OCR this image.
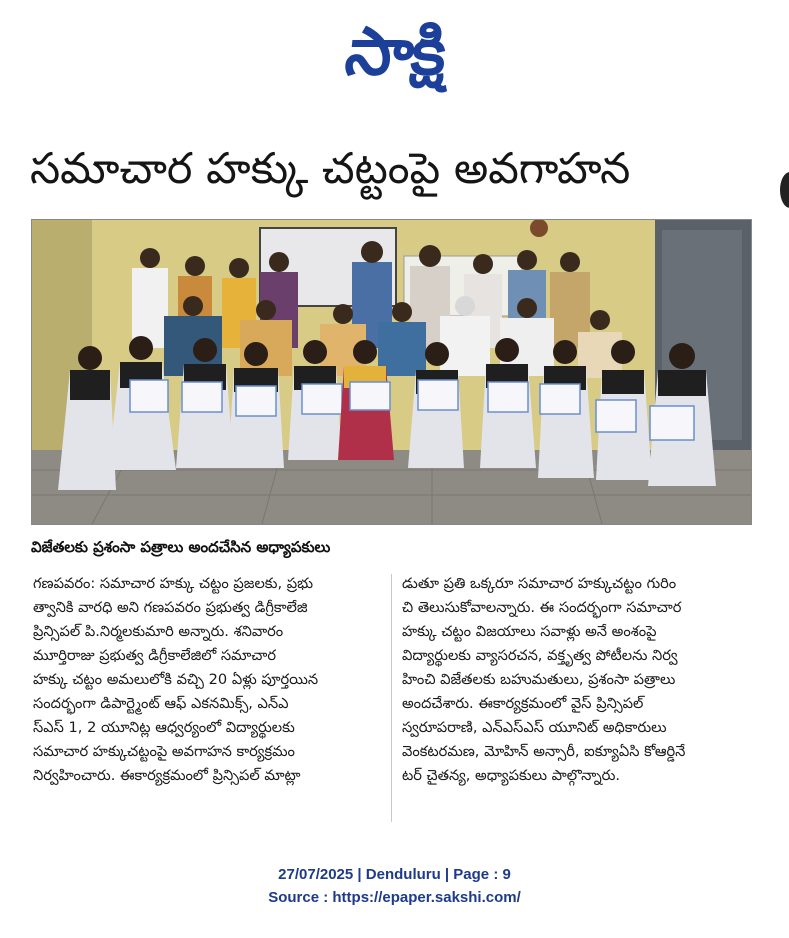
సాక్షి
సమాచార హక్కు చట్టంపై అవగాహన
విజేతలకు ప్రశంసా పత్రాలు అందచేసిన అధ్యాపకులు
గణపవరం: సమాచార హక్కు చట్టం ప్రజలకు, ప్రభు
త్వానికి వారధి అని గణపవరం ప్రభుత్వ డిగ్రీకాలేజి
ప్రిన్సిపల్ పి.నిర్మలకుమారి అన్నారు. శనివారం
మూర్తిరాజు ప్రభుత్వ డిగ్రీకాలేజిలో సమాచార
హక్కు చట్టం అమలులోకి వచ్చి 20 ఏళ్లు పూర్తయిన
సందర్భంగా డిపార్ట్మెంట్ ఆఫ్ ఎకనమిక్స్, ఎన్ఎ
స్ఎస్ 1, 2 యూనిట్ల ఆధ్వర్యంలో విద్యార్థులకు
సమాచార హక్కుచట్టంపై అవగాహన కార్యక్రమం
నిర్వహించారు. ఈకార్యక్రమంలో ప్రిన్సిపల్ మాట్లా
డుతూ ప్రతి ఒక్కరూ సమాచార హక్కుచట్టం గురిం
చి తెలుసుకోవాలన్నారు. ఈ సందర్భంగా సమాచార
హక్కు చట్టం విజయాలు సవాళ్లు అనే అంశంపై
విద్యార్థులకు వ్యాసరచన, వక్తృత్వ పోటీలను నిర్వ
హించి విజేతలకు బహుమతులు, ప్రశంసా పత్రాలు
అందచేశారు. ఈకార్యక్రమంలో వైస్ ప్రిన్సిపల్
స్వరూపరాణి, ఎన్ఎస్ఎస్ యూనిట్ అధికారులు
వెంకటరమణ, మోహిన్ అన్సారీ, ఐక్యూఏసి కోఆర్డినే
టర్ చైతన్య, అధ్యాపకులు పాల్గొన్నారు.
27/07/2025 | Denduluru | Page : 9
Source : https://epaper.sakshi.com/
